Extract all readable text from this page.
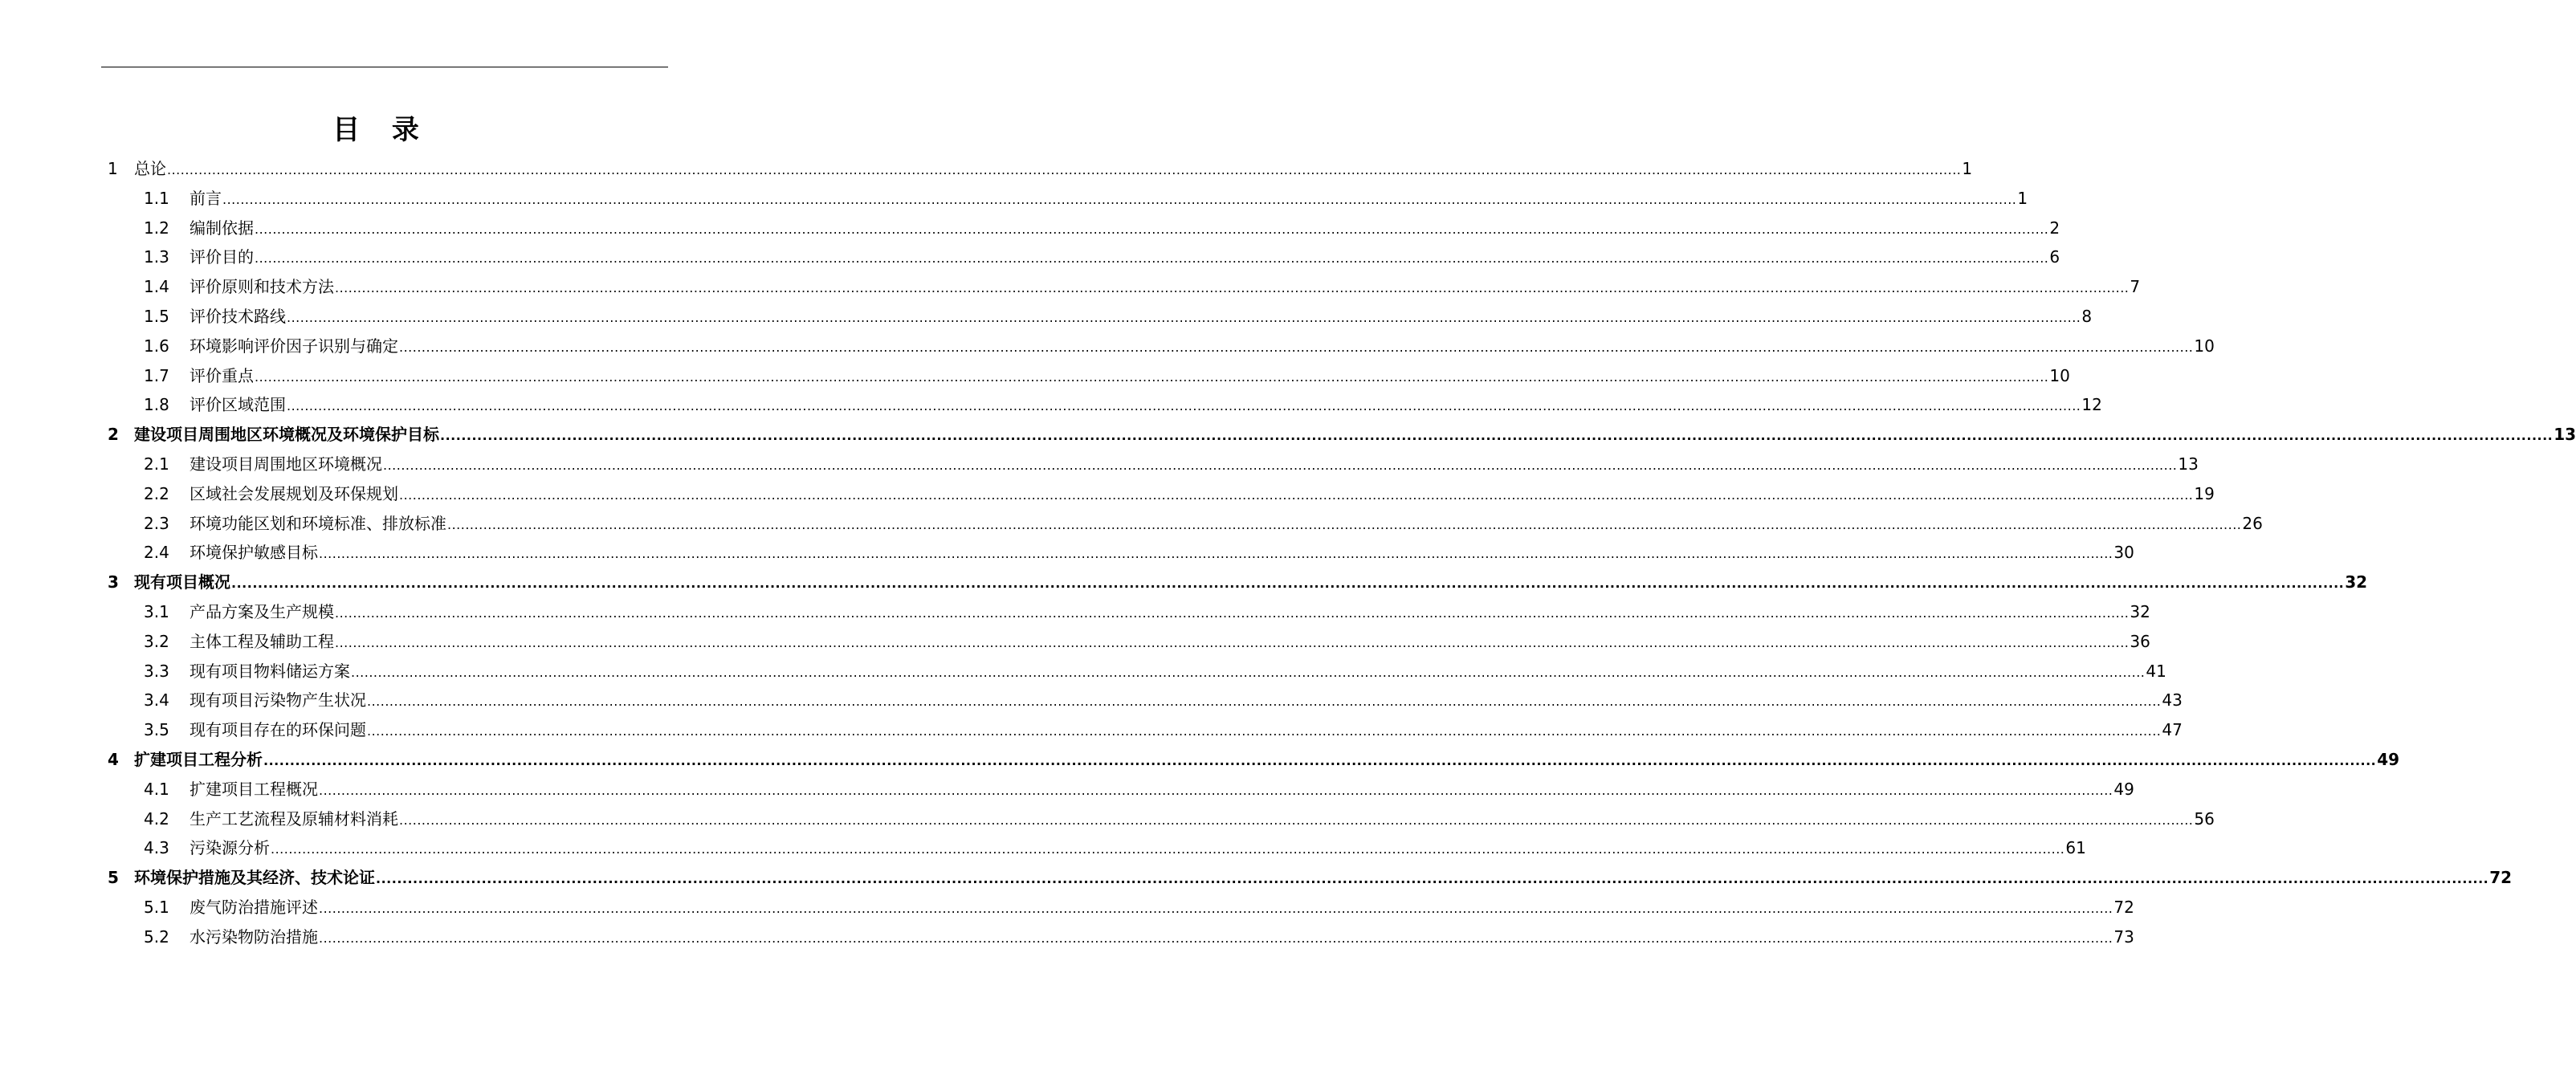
目 录
1 总论 ................................................................................................................................................................................................................................................................................................................................................................................................................ 1
1.1 前言 ................................................................................................................................................................................................................................................................................................................................................................................................................ 1
1.2 编制依据 ................................................................................................................................................................................................................................................................................................................................................................................................................ 2
1.3 评价目的 ................................................................................................................................................................................................................................................................................................................................................................................................................ 6
1.4 评价原则和技术方法 ................................................................................................................................................................................................................................................................................................................................................................................................................ 7
1.5 评价技术路线 ................................................................................................................................................................................................................................................................................................................................................................................................................ 8
1.6 环境影响评价因子识别与确定 ................................................................................................................................................................................................................................................................................................................................................................................................................ 10
1.7 评价重点 ................................................................................................................................................................................................................................................................................................................................................................................................................ 10
1.8 评价区域范围 ................................................................................................................................................................................................................................................................................................................................................................................................................ 12
2 建设项目周围地区环境概况及环境保护目标 ................................................................................................................................................................................................................................................................................................................................................................................................................ 13
2.1 建设项目周围地区环境概况 ................................................................................................................................................................................................................................................................................................................................................................................................................ 13
2.2 区域社会发展规划及环保规划 ................................................................................................................................................................................................................................................................................................................................................................................................................ 19
2.3 环境功能区划和环境标准、排放标准 ................................................................................................................................................................................................................................................................................................................................................................................................................ 26
2.4 环境保护敏感目标 ................................................................................................................................................................................................................................................................................................................................................................................................................ 30
3 现有项目概况 ................................................................................................................................................................................................................................................................................................................................................................................................................ 32
3.1 产品方案及生产规模 ................................................................................................................................................................................................................................................................................................................................................................................................................ 32
3.2 主体工程及辅助工程 ................................................................................................................................................................................................................................................................................................................................................................................................................ 36
3.3 现有项目物料储运方案 ................................................................................................................................................................................................................................................................................................................................................................................................................ 41
3.4 现有项目污染物产生状况 ................................................................................................................................................................................................................................................................................................................................................................................................................ 43
3.5 现有项目存在的环保问题 ................................................................................................................................................................................................................................................................................................................................................................................................................ 47
4 扩建项目工程分析 ................................................................................................................................................................................................................................................................................................................................................................................................................ 49
4.1 扩建项目工程概况 ................................................................................................................................................................................................................................................................................................................................................................................................................ 49
4.2 生产工艺流程及原辅材料消耗 ................................................................................................................................................................................................................................................................................................................................................................................................................ 56
4.3 污染源分析 ................................................................................................................................................................................................................................................................................................................................................................................................................ 61
5 环境保护措施及其经济、技术论证 ................................................................................................................................................................................................................................................................................................................................................................................................................ 72
5.1 废气防治措施评述 ................................................................................................................................................................................................................................................................................................................................................................................................................ 72
5.2 水污染物防治措施 ................................................................................................................................................................................................................................................................................................................................................................................................................ 73
